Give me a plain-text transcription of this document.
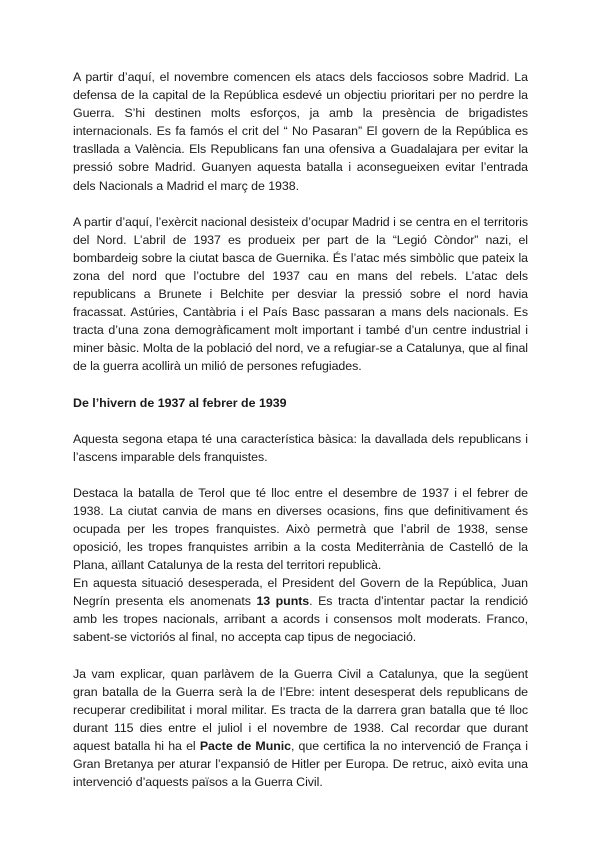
A partir d’aquí, el novembre comencen els atacs dels facciosos sobre Madrid. La defensa de la capital de la República esdevé un objectiu prioritari per no perdre la Guerra. S’hi destinen molts esforços, ja amb la presència de brigadistes internacionals. Es fa famós el crit del “ No Pasaran” El govern de la República es trasllada a València. Els Republicans fan una ofensiva a Guadalajara per evitar la pressió sobre Madrid. Guanyen aquesta batalla i aconsegueixen evitar l’entrada dels Nacionals a Madrid el març de 1938.

A partir d’aquí, l’exèrcit nacional desisteix d’ocupar Madrid i se centra en el territoris del Nord. L’abril de 1937 es produeix per part de la “Legió Còndor” nazi, el bombardeig sobre la ciutat basca de Guernika. És l’atac més simbòlic que pateix la zona del nord que l’octubre del 1937 cau en mans del rebels. L’atac dels republicans a Brunete i Belchite per desviar la pressió sobre el nord havia fracassat. Astúries, Cantàbria i el País Basc passaran a mans dels nacionals. Es tracta d’una zona demogràficament molt important i també d’un centre industrial i miner bàsic. Molta de la població del nord, ve a refugiar-se a Catalunya, que al final de la guerra acollirà un milió de persones refugiades.

De l’hivern de 1937 al febrer de 1939

Aquesta segona etapa té una característica bàsica: la davallada dels republicans i l’ascens imparable dels franquistes.

Destaca la batalla de Terol que té lloc entre el desembre de 1937 i el febrer de 1938. La ciutat canvia de mans en diverses ocasions, fins que definitivament és ocupada per les tropes franquistes. Això permetrà que l’abril de 1938, sense oposició, les tropes franquistes arribin a la costa Mediterrània de Castelló de la Plana, aïllant Catalunya de la resta del territori republicà.

En aquesta situació desesperada, el President del Govern de la República, Juan Negrín presenta els anomenats 13 punts. Es tracta d’intentar pactar la rendició amb les tropes nacionals, arribant a acords i consensos molt moderats. Franco, sabent-se victoriós al final, no accepta cap tipus de negociació.

Ja vam explicar, quan parlàvem de la Guerra Civil a Catalunya, que la següent gran batalla de la Guerra serà la de l’Ebre: intent desesperat dels republicans de recuperar credibilitat i moral militar. Es tracta de la darrera gran batalla que té lloc durant 115 dies entre el juliol i el novembre de 1938. Cal recordar que durant aquest batalla hi ha el Pacte de Munic, que certifica la no intervenció de França i Gran Bretanya per aturar l’expansió de Hitler per Europa. De retruc, això evita una intervenció d’aquests països a la Guerra Civil.
